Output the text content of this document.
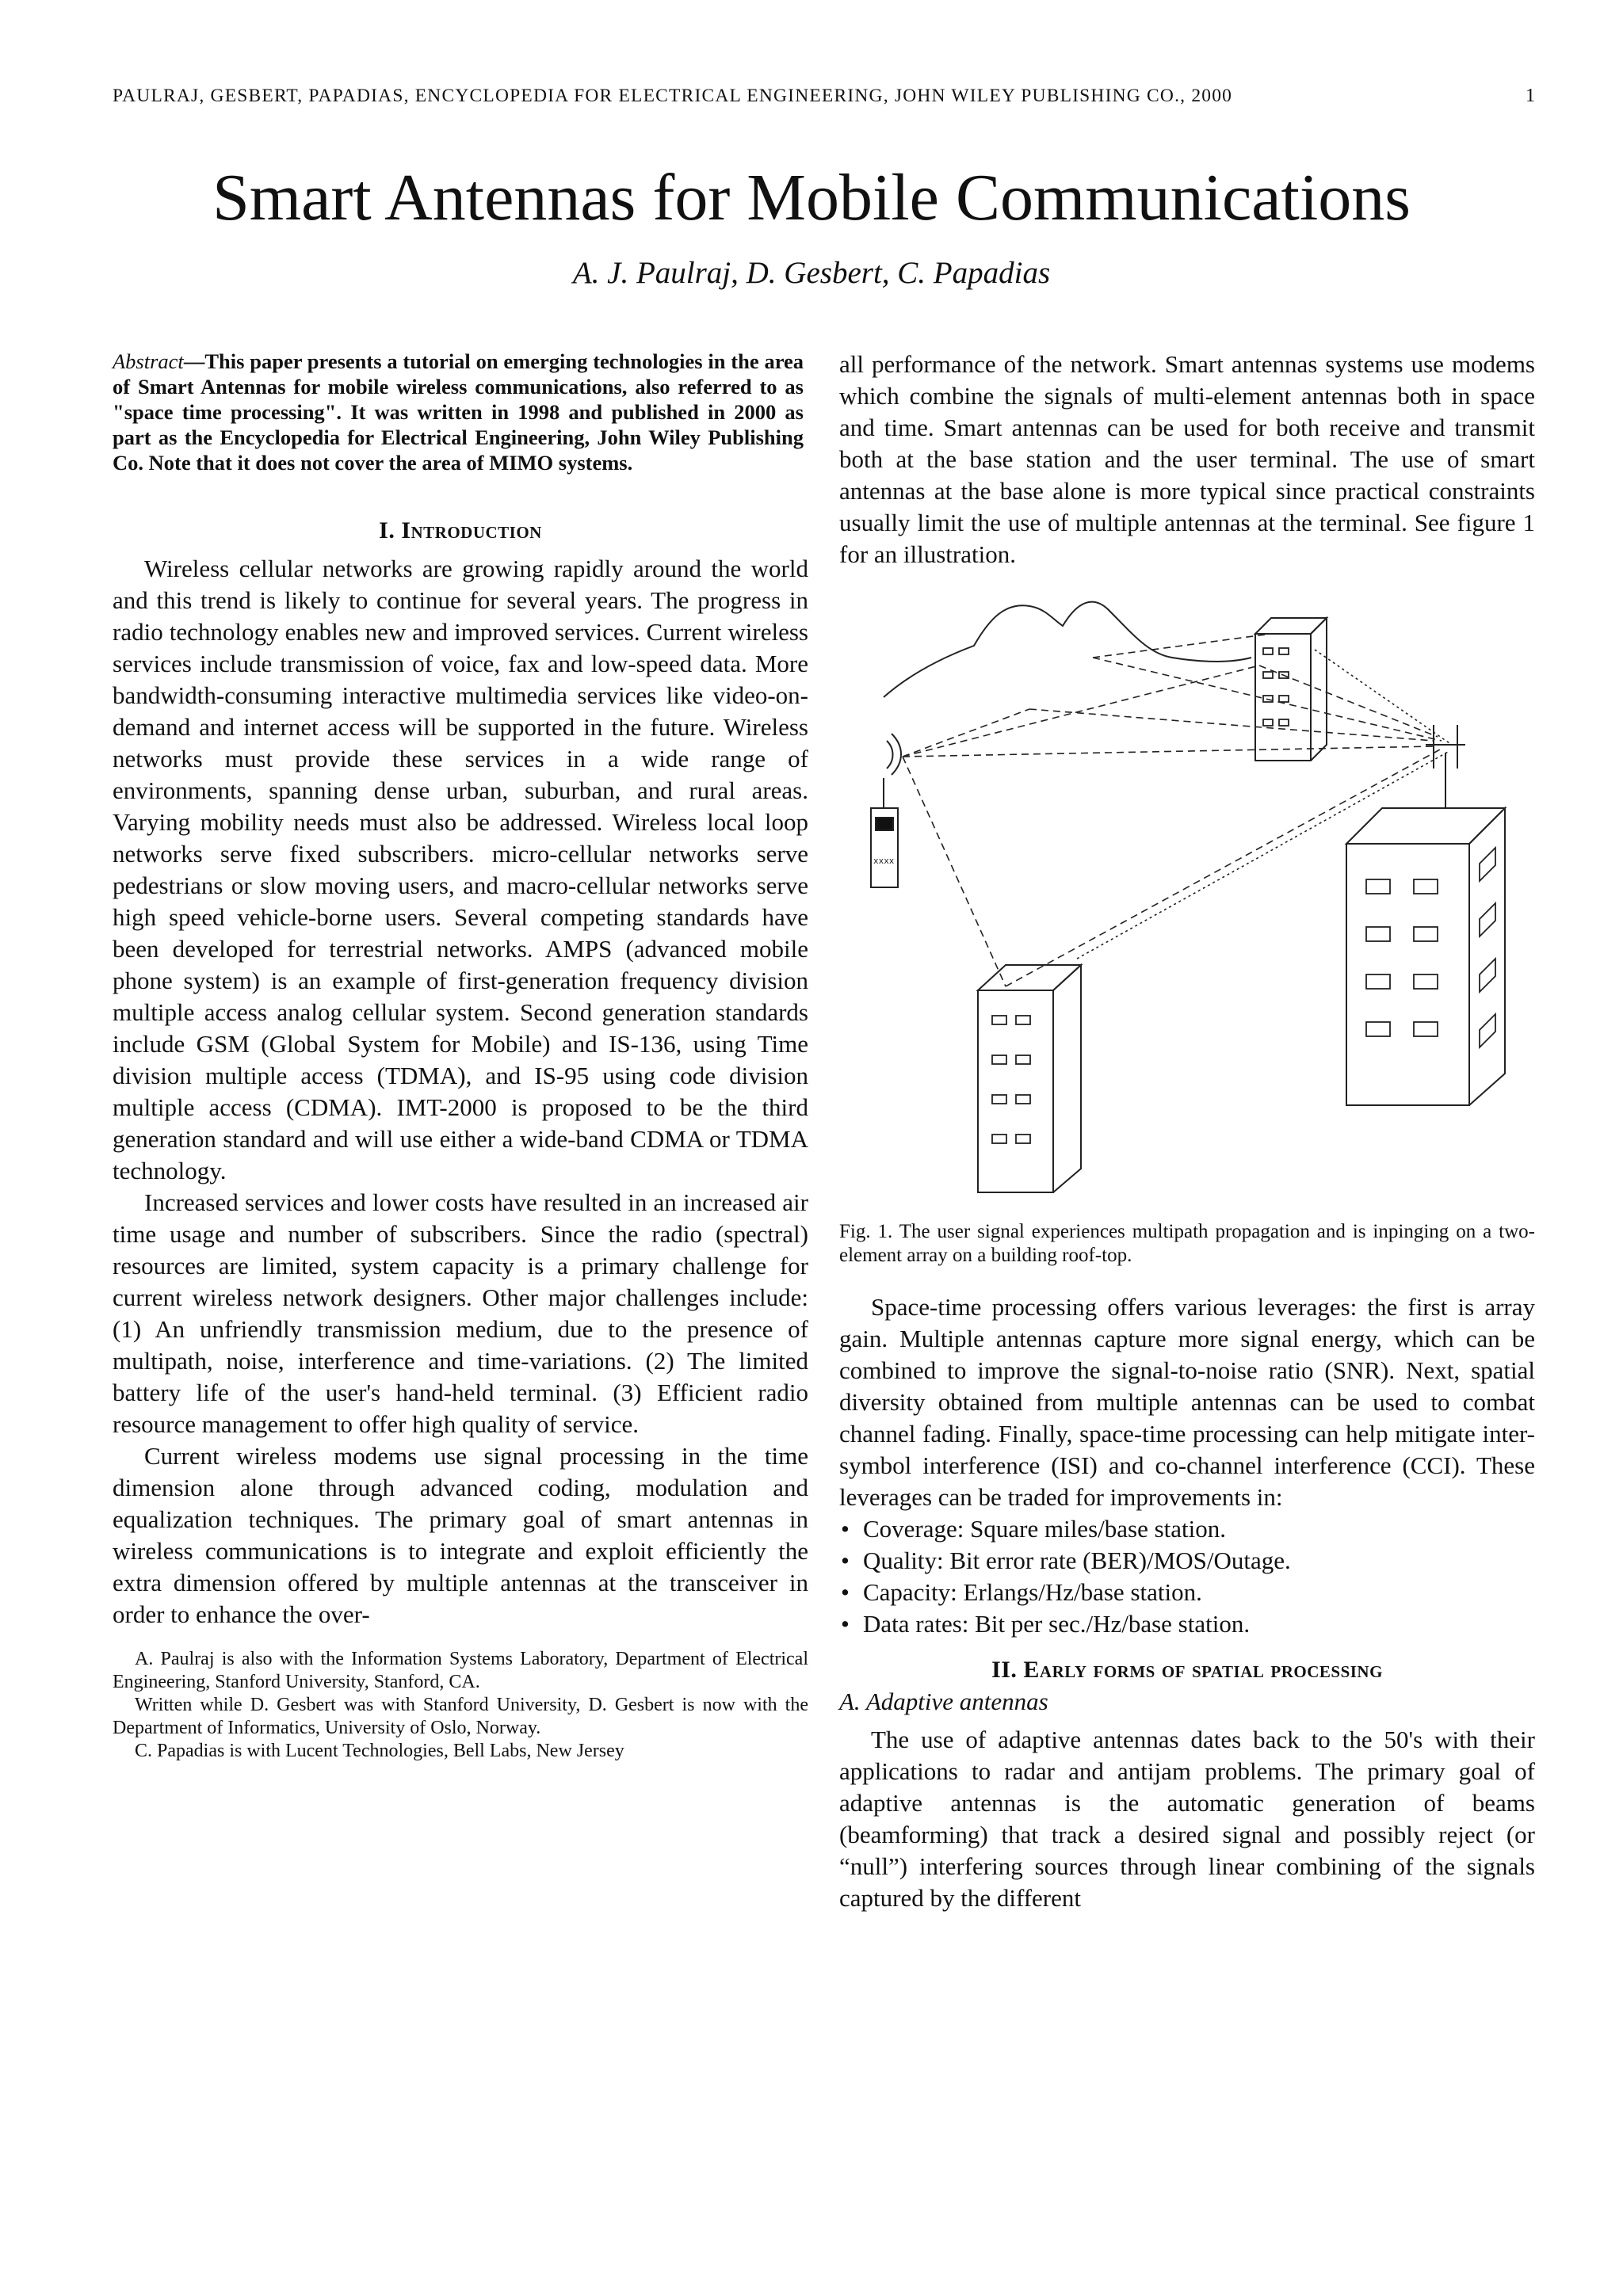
PAULRAJ, GESBERT, PAPADIAS, ENCYCLOPEDIA FOR ELECTRICAL ENGINEERING, JOHN WILEY PUBLISHING CO., 2000	1
Smart Antennas for Mobile Communications
A. J. Paulraj, D. Gesbert, C. Papadias

Abstract—This paper presents a tutorial on emerging technologies in the area of Smart Antennas for mobile wireless communications, also referred to as "space time processing". It was written in 1998 and published in 2000 as part as the Encyclopedia for Electrical Engineering, John Wiley Publishing Co. Note that it does not cover the area of MIMO systems.

I. Introduction

Wireless cellular networks are growing rapidly around the world and this trend is likely to continue for several years. The progress in radio technology enables new and improved services. Current wireless services include transmission of voice, fax and low-speed data. More bandwidth-consuming interactive multimedia services like video-on-demand and internet access will be supported in the future. Wireless networks must provide these services in a wide range of environments, spanning dense urban, suburban, and rural areas. Varying mobility needs must also be addressed. Wireless local loop networks serve fixed subscribers. micro-cellular networks serve pedestrians or slow moving users, and macro-cellular networks serve high speed vehicle-borne users. Several competing standards have been developed for terrestrial networks. AMPS (advanced mobile phone system) is an example of first-generation frequency division multiple access analog cellular system. Second generation standards include GSM (Global System for Mobile) and IS-136, using Time division multiple access (TDMA), and IS-95 using code division multiple access (CDMA). IMT-2000 is proposed to be the third generation standard and will use either a wide-band CDMA or TDMA technology.

Increased services and lower costs have resulted in an increased air time usage and number of subscribers. Since the radio (spectral) resources are limited, system capacity is a primary challenge for current wireless network designers. Other major challenges include: (1) An unfriendly transmission medium, due to the presence of multipath, noise, interference and time-variations. (2) The limited battery life of the user's hand-held terminal. (3) Efficient radio resource management to offer high quality of service.

Current wireless modems use signal processing in the time dimension alone through advanced coding, modulation and equalization techniques. The primary goal of smart antennas in wireless communications is to integrate and exploit efficiently the extra dimension offered by multiple antennas at the transceiver in order to enhance the over-

A. Paulraj is also with the Information Systems Laboratory, Department of Electrical Engineering, Stanford University, Stanford, CA.

Written while D. Gesbert was with Stanford University, D. Gesbert is now with the Department of Informatics, University of Oslo, Norway.

C. Papadias is with Lucent Technologies, Bell Labs, New Jersey

all performance of the network. Smart antennas systems use modems which combine the signals of multi-element antennas both in space and time. Smart antennas can be used for both receive and transmit both at the base station and the user terminal. The use of smart antennas at the base alone is more typical since practical constraints usually limit the use of multiple antennas at the terminal. See figure 1 for an illustration.

xxxx

Fig. 1. The user signal experiences multipath propagation and is inpinging on a two-element array on a building roof-top.

Space-time processing offers various leverages: the first is array gain. Multiple antennas capture more signal energy, which can be combined to improve the signal-to-noise ratio (SNR). Next, spatial diversity obtained from multiple antennas can be used to combat channel fading. Finally, space-time processing can help mitigate inter-symbol interference (ISI) and co-channel interference (CCI). These leverages can be traded for improvements in:

• Coverage: Square miles/base station.
• Quality: Bit error rate (BER)/MOS/Outage.
• Capacity: Erlangs/Hz/base station.
• Data rates: Bit per sec./Hz/base station.
II. Early forms of spatial processing

A. Adaptive antennas

The use of adaptive antennas dates back to the 50's with their applications to radar and antijam problems. The primary goal of adaptive antennas is the automatic generation of beams (beamforming) that track a desired signal and possibly reject (or “null”) interfering sources through linear combining of the signals captured by the different
